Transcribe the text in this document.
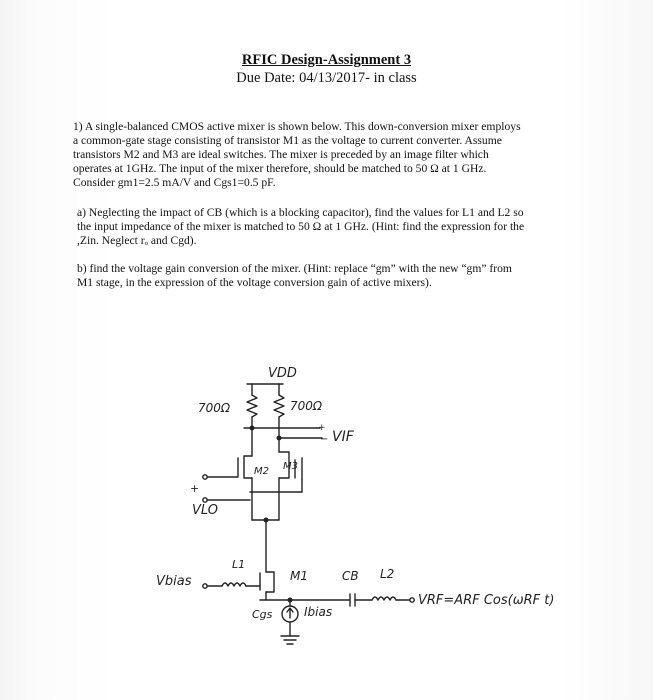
RFIC Design-Assignment 3
Due Date: 04/13/2017- in class
1) A single-balanced CMOS active mixer is shown below. This down-conversion mixer employs
a common-gate stage consisting of transistor M1 as the voltage to current converter. Assume
transistors M2 and M3 are ideal switches. The mixer is preceded by an image filter which
operates at 1GHz. The input of the mixer therefore, should be matched to 50 Ω at 1 GHz.
Consider gm1=2.5 mA/V and Cgs1=0.5 pF.
a) Neglecting the impact of CB (which is a blocking capacitor), find the values for L1 and L2 so
the input impedance of the mixer is matched to 50 Ω at 1 GHz. (Hint: find the expression for the
,Zin. Neglect rₒ and Cgd).
b) find the voltage gain conversion of the mixer. (Hint: replace “gm” with the new “gm” from
M1 stage, in the expression of the voltage conversion gain of active mixers).
VDD
700Ω	700Ω
+
− VIF
M2 M3
+
VLO
M1
Vbias
L1
CB L2
VRF=ARF Cos(ωRF t)
Ibias
Cgs
